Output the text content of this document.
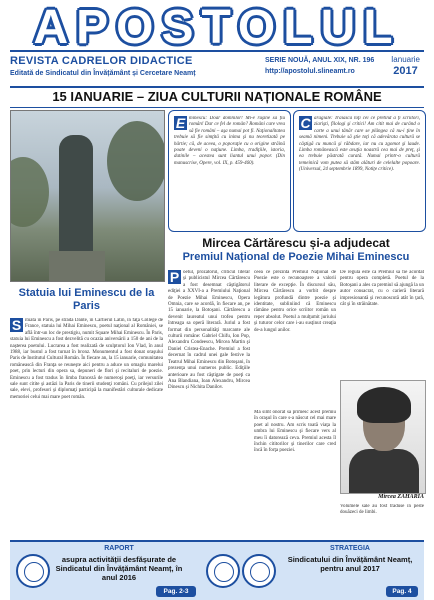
APOSTOLUL
REVISTA CADRELOR DIDACTICE
Editată de Sindicatul din Învățământ și Cercetare Neamț
SERIE NOUĂ, ANUL XIX, NR. 196
http://apostolul.slineamt.ro
Ianuarie
2017
15 IANUARIE – ZIUA CULTURII NAȚIONALE ROMÂNE
Statuia lui Eminescu de la Paris
S ituată în Paris, pe strada Dante, în Cartierul Latin, în faţa Collège de France, statuia lui Mihai Eminescu, poetul naţional al României, se află într-un loc de prestigiu, numit Square Mihai Eminescu. În Paris, statuia lui Eminescu a fost dezvelită cu ocazia aniversării a 150 de ani de la naşterea poetului. Lucrarea a fost realizată de sculptorul Ion Vlad, în anul 1988, iar bustul a fost turnat în bronz. Monumentul a fost donat oraşului Paris de Institutul Cultural Român. În fiecare an, la 15 ianuarie, comunitatea românească din Franţa se reuneşte aici pentru a aduce un omagiu marelui poet, prin lecturi din opera sa, depuneri de flori şi recitaluri de poezie. Eminescu a fost tradus în limba franceză de numeroşi poeţi, iar versurile sale sunt citite şi astăzi la Paris de tinerii studenţi români. Cu prilejul zilei sale, elevi, profesori şi diplomaţi participă la manifestări culturale dedicate memoriei celui mai mare poet român.
E minescu: Doar domnilor! Mi-e ruşine să fiu român! Dar ce fel de român? Români care vrea să fie români – aşa numai pot fi. Naţionalitatea trebuie să fie simţită cu inima şi nu teoretizată pe hârtie; că, de aceea, o poporaţie cu o origine străină poate deveni o naţiune. Limba, tradiţiile, istoria, datinile – acestea sunt liantul unui popor. (Din manuscrise, Opere, vol. IX, p. 459-460).
C aragiale: Trăiască toţi cei ce pretind a fi scriitori, ziarişti, filologi şi critici! Am citit mai de curând o carte a unui tânăr care se plângea că nu-i ţine în seamă nimeni. Trebuie să ştie toţi că adevărata cultură se câştigă cu muncă şi răbdare, iar nu cu zgomot şi laude. Limba românească este avuţia noastră cea mai de preţ, şi ea trebuie păstrată curată. Numai printr-o cultură temeinică vom putea să stăm alături de celelalte popoare. (Universul, 24 septembrie 1899, Notiţe critice).
Mircea Cărtărescu și-a adjudecat
Premiul Național de Poezie Mihai Eminescu
P oetul, prozatorul, criticul literar şi publicistul Mircea Cărtărescu a fost desemnat câştigătorul ediţiei a XXVI-a a Premiului Naţional de Poezie Mihai Eminescu, Opera Omnia, care se acordă, în fiecare an, pe 15 ianuarie, la Botoşani. Cărtărescu a devenit laureatul unui trofeu pentru întreaga sa operă literară. Juriul a fost format din personalităţi marcante ale culturii române: Gabriel Chifu, Ion Pop, Alexandru Condeescu, Mircea Martin şi Daniel Cristea-Enache. Premiul a fost decernat în cadrul unei gale festive la Teatrul Mihai Eminescu din Botoşani, în prezenţa unui numeros public. Ediţiile anterioare au fost câştigate de poeţi ca Ana Blandiana, Ioan Alexandru, Mircea Dinescu şi Nichita Danilov.
ceea ce prezintă Premiul Naţional de Poezie este o recunoaştere a valorii literare de excepţie. În discursul său, Mircea Cărtărescu a vorbit despre legătura profundă dintre poezie şi identitate, subliniind că Eminescu rămâne pentru orice scriitor român un reper absolut. Poetul a mulţumit juriului şi tuturor celor care i-au susţinut creaţia de-a lungul anilor.
De regulă este ca Premiul să fie acordat pentru opera completă. Poetul de la Botoşani a ales ca premiul să ajungă la un autor consacrat, cu o carieră literară impresionantă şi recunoscută atât în ţară, cât şi în străinătate.
Mircea ZAHARIA
Mă simt onorat să primesc acest premiu în oraşul în care s-a născut cel mai mare poet al nostru. Am scris toată viaţa la umbra lui Eminescu şi fiecare vers al meu îi datorează ceva. Premiul acesta îl închin cititorilor şi tinerilor care cred încă în forţa poeziei.
Volumele sale au fost traduse în peste douăzeci de limbi.
RAPORT
asupra activității desfășurate de Sindicatul din Învățământ Neamț, în anul 2016
Pag. 2-3
STRATEGIA
Sindicatului din Învățământ Neamț, pentru anul 2017
Pag. 4
